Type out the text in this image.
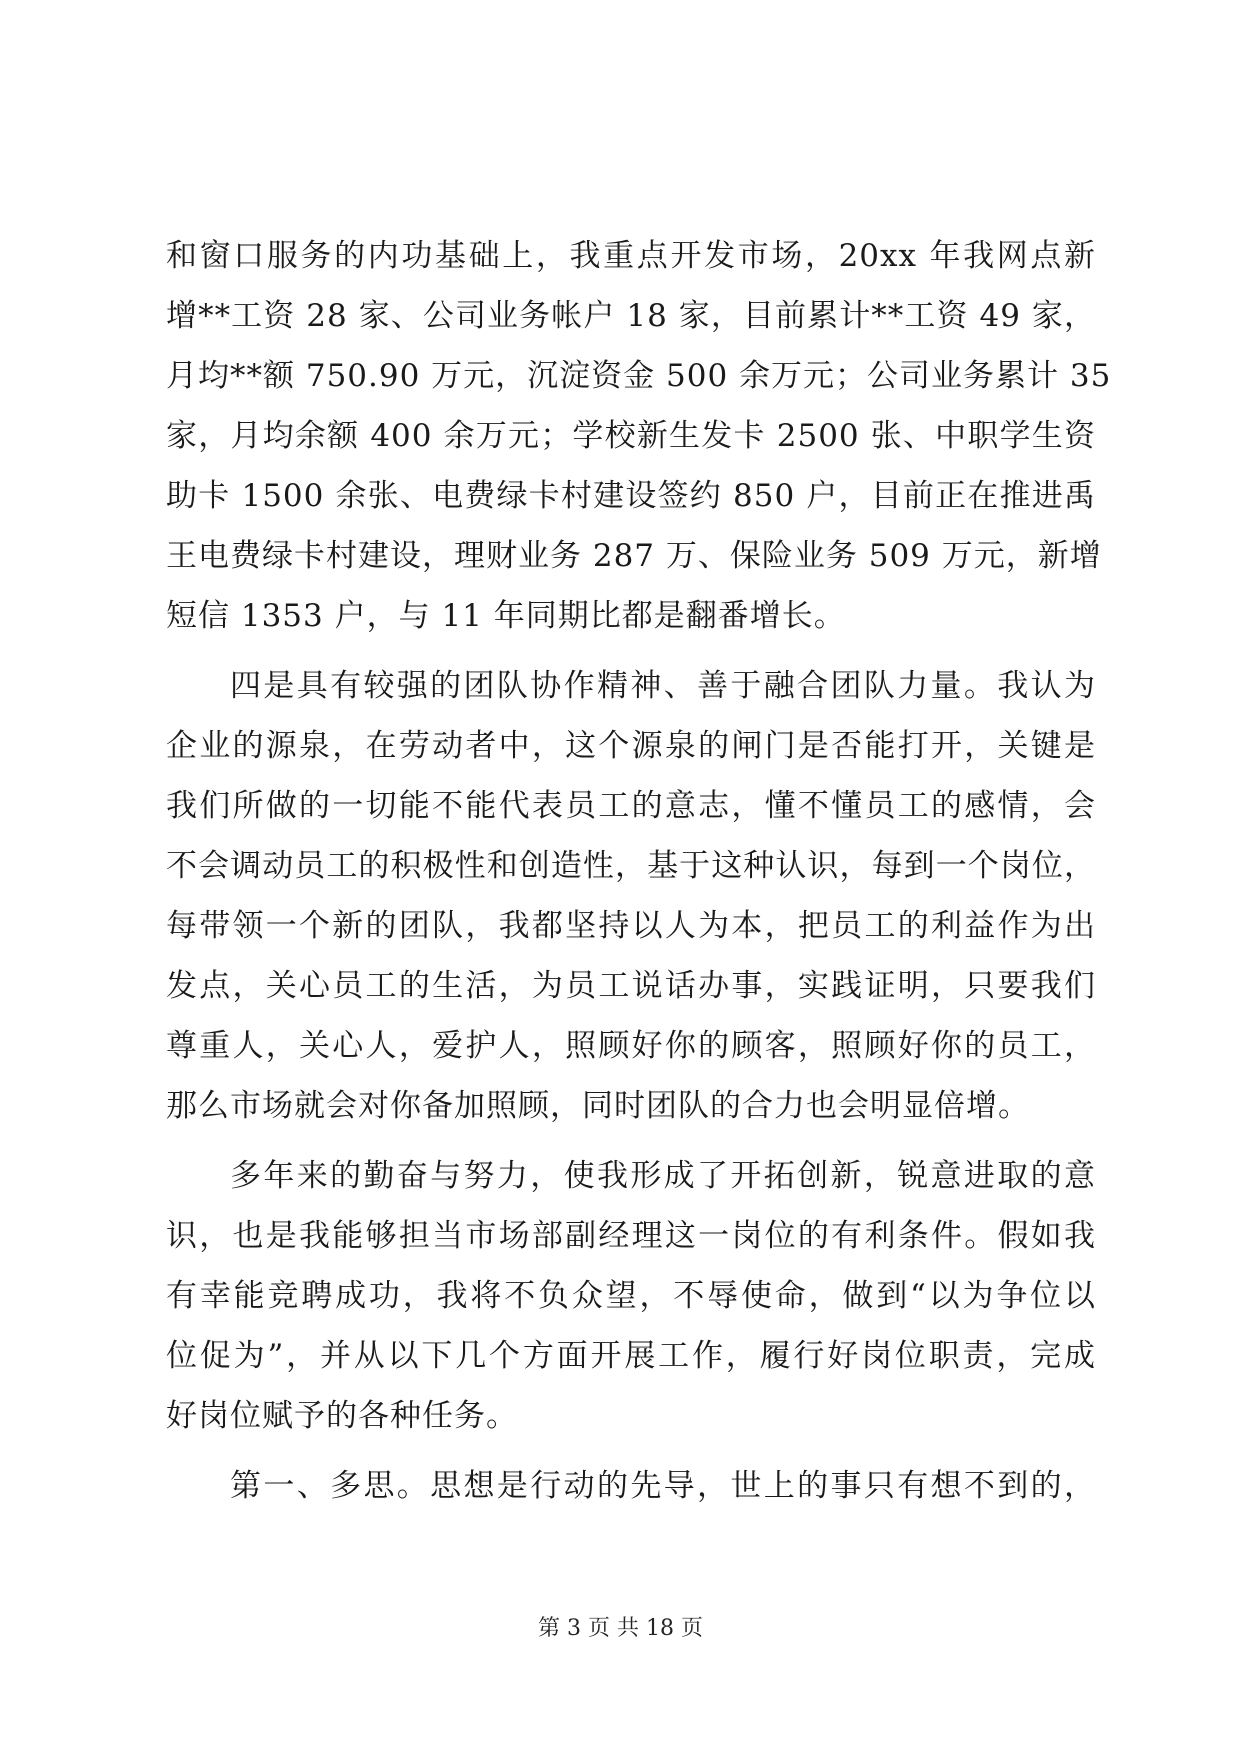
和窗口服务的内功基础上，我重点开发市场，20xx 年我网点新
增**工资 28 家、公司业务帐户 18 家，目前累计**工资 49 家，
月均**额 750.90 万元，沉淀资金 500 余万元；公司业务累计 35
家，月均余额 400 余万元；学校新生发卡 2500 张、中职学生资
助卡 1500 余张、电费绿卡村建设签约 850 户，目前正在推进禹
王电费绿卡村建设，理财业务 287 万、保险业务 509 万元，新增
短信 1353 户，与 11 年同期比都是翻番增长。
四是具有较强的团队协作精神、善于融合团队力量。我认为
企业的源泉，在劳动者中，这个源泉的闸门是否能打开，关键是
我们所做的一切能不能代表员工的意志，懂不懂员工的感情，会
不会调动员工的积极性和创造性，基于这种认识，每到一个岗位，
每带领一个新的团队，我都坚持以人为本，把员工的利益作为出
发点，关心员工的生活，为员工说话办事，实践证明，只要我们
尊重人，关心人，爱护人，照顾好你的顾客，照顾好你的员工，
那么市场就会对你备加照顾，同时团队的合力也会明显倍增。
多年来的勤奋与努力，使我形成了开拓创新，锐意进取的意
识，也是我能够担当市场部副经理这一岗位的有利条件。假如我
有幸能竞聘成功，我将不负众望，不辱使命，做到“以为争位以
位促为”，并从以下几个方面开展工作，履行好岗位职责，完成
好岗位赋予的各种任务。
第一、多思。思想是行动的先导，世上的事只有想不到的，
第 3 页 共 18 页
